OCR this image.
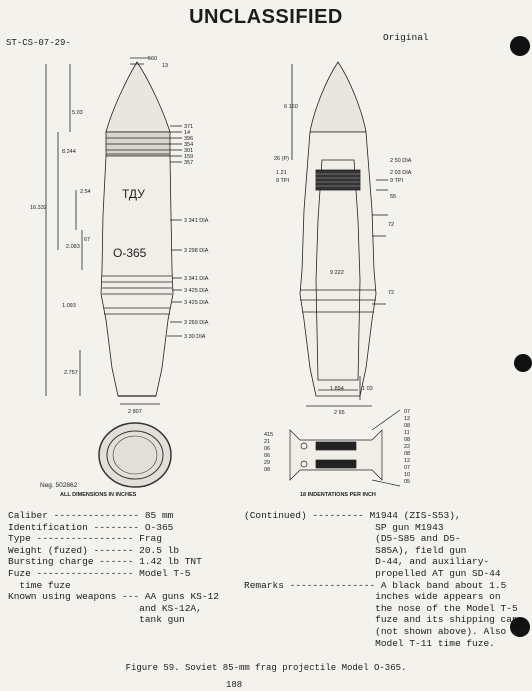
UNCLASSIFIED
ST-CS-07-29-	Original
ТДУ
О-365
560
13
5.03
8.244
16.332
2.54
2.083
67
1.093
2.757
371
14
396
354
301
159
357
3 341 DIA
3 298 DIA
3 341 DIA
3 425 DIA
3 425 DIA
3 269 DIA
3 30 DIA
2 807
6 160
26 (P)
1 21
9 TPI
2 50 DIA
2 03 DIA
9 TPI
55
72
9 222
72
1 894	1 03
2 65
415
21
06
06
29
08
07
12
08
11
08
22
08
12
07
10
05
Neg. 502862
ALL DIMENSIONS IN INCHES	18 INDENTATIONS PER INCH
Caliber --------------- 85 mm
Identification -------- O-365
Type ----------------- Frag
Weight (fuzed) ------- 20.5 lb
Bursting charge ------ 1.42 lb TNT
Fuze ----------------- Model T-5
time fuze
Known using weapons --- AA guns KS-12
and KS-12A,
tank gun
(Continued) --------- M1944 (ZIS-S53),
SP gun M1943
(D5-S85 and D5-
S85A), field gun
D-44, and auxiliary-
propelled AT gun SD-44
Remarks --------------- A black band about 1.5
inches wide appears on
the nose of the Model T-5
fuze and its shipping cap
(not shown above). Also use
Model T-11 time fuze.
Figure 59. Soviet 85-mm frag projectile Model O-365.
188
